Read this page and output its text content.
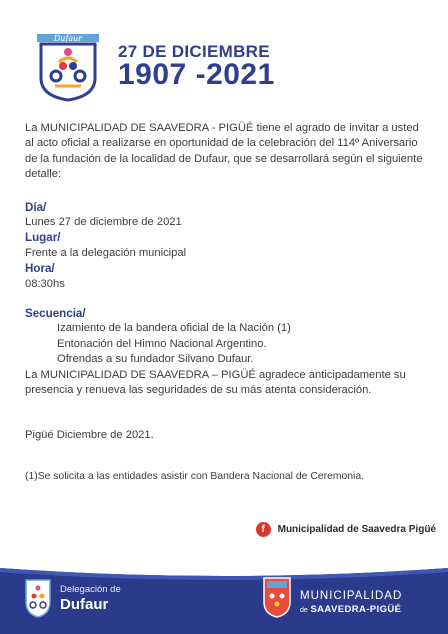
Dufaur
27 DE DICIEMBRE
1907 -2021

La MUNICIPALIDAD DE SAAVEDRA - PIGÜÉ tiene el agrado de invitar a usted al acto oficial a realizarse en oportunidad de la celebración del 114º Aniversario de la fundación de la localidad de Dufaur, que se desarrollará según el siguiente detalle:

Día/
Lunes 27 de diciembre de 2021
Lugar/
Frente a la delegación municipal
Hora/
08:30hs
Secuencia/
Izamiento de la bandera oficial de la Nación (1)
Entonación del Himno Nacional Argentino.
Ofrendas a su fundador Silvano Dufaur.

La MUNICIPALIDAD DE SAAVEDRA – PIGÜÉ agradece anticipadamente su presencia y renueva las seguridades de su más atenta consideración.

Pigüé Diciembre de 2021.
(1)Se solicita a las entidades asistir con Bandera Nacional de Ceremonia.
f	Municipalidad de Saavedra Pigüé
Delegación de
Dufaur	MUNICIPALIDAD
de SAAVEDRA-PIGÜÉ
